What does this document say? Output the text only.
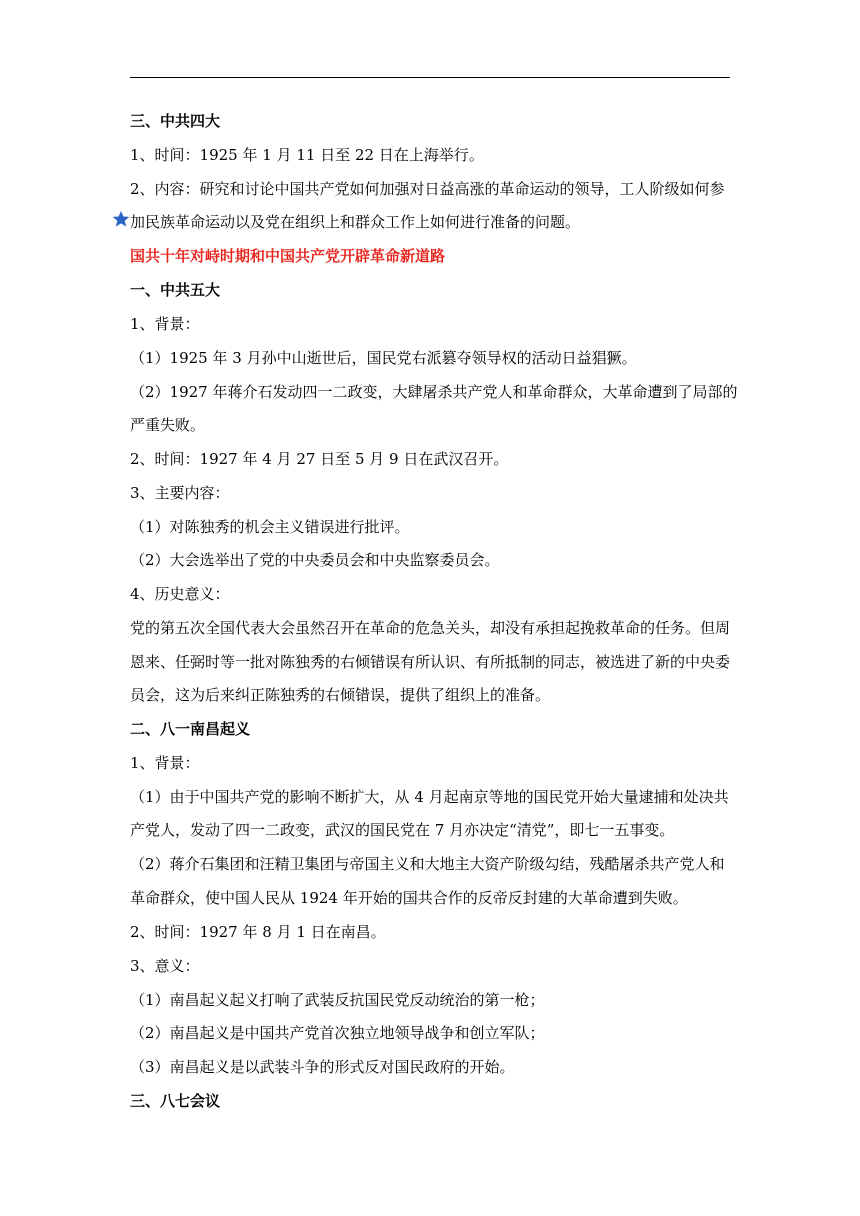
三、中共四大
1、时间：1925 年 1 月 11 日至 22 日在上海举行。
2、内容：研究和讨论中国共产党如何加强对日益高涨的革命运动的领导，工人阶级如何参
加民族革命运动以及党在组织上和群众工作上如何进行准备的问题。
国共十年对峙时期和中国共产党开辟革命新道路
一、中共五大
1、背景：
（1）1925 年 3 月孙中山逝世后，国民党右派篡夺领导权的活动日益猖獗。
（2）1927 年蒋介石发动四一二政变，大肆屠杀共产党人和革命群众，大革命遭到了局部的
严重失败。
2、时间：1927 年 4 月 27 日至 5 月 9 日在武汉召开。
3、主要内容：
（1）对陈独秀的机会主义错误进行批评。
（2）大会选举出了党的中央委员会和中央监察委员会。
4、历史意义：
党的第五次全国代表大会虽然召开在革命的危急关头，却没有承担起挽救革命的任务。但周
恩来、任弼时等一批对陈独秀的右倾错误有所认识、有所抵制的同志，被选进了新的中央委
员会，这为后来纠正陈独秀的右倾错误，提供了组织上的准备。
二、八一南昌起义
1、背景：
（1）由于中国共产党的影响不断扩大，从 4 月起南京等地的国民党开始大量逮捕和处决共
产党人，发动了四一二政变，武汉的国民党在 7 月亦决定“清党”，即七一五事变。
（2）蒋介石集团和汪精卫集团与帝国主义和大地主大资产阶级勾结，残酷屠杀共产党人和
革命群众，使中国人民从 1924 年开始的国共合作的反帝反封建的大革命遭到失败。
2、时间：1927 年 8 月 1 日在南昌。
3、意义：
（1）南昌起义起义打响了武装反抗国民党反动统治的第一枪；
（2）南昌起义是中国共产党首次独立地领导战争和创立军队；
（3）南昌起义是以武装斗争的形式反对国民政府的开始。
三、八七会议
